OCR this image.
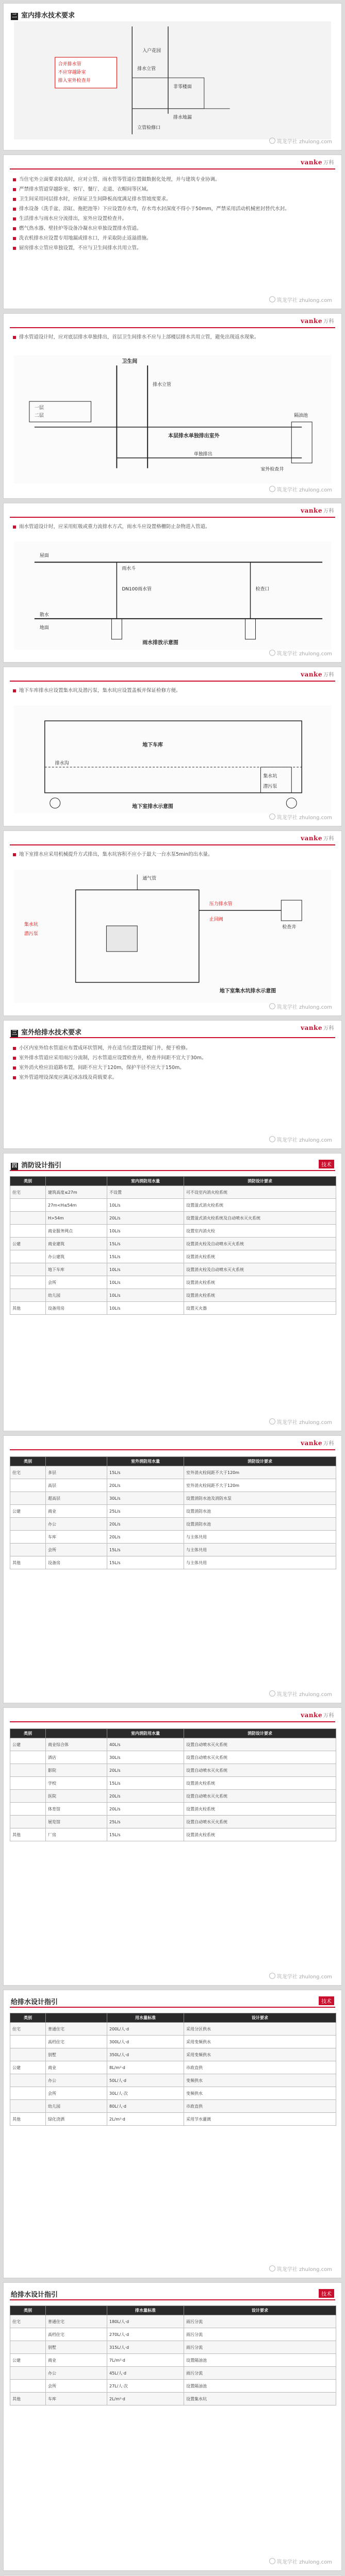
二 室内排水技术要求
入户花园
非零楼面
排水地漏
排水立管
合并排水管
不应穿越卧室
排入室外检查井
立管检修口
筑龙学社 zhulong.com
vanke 万科
当住宅外立面要求较高时，应对立管、雨水管等管道位置做数据化处理，并与建筑专业协调。
严禁排水管道穿越卧室、客厅、餐厅、走道、衣帽间等区域。
卫生间采用同层排水时，应保证卫生间降板高度满足排水管坡度要求。
排水设备（洗手盆、浴缸、拖把池等）下应设置存水弯，存水弯水封深度不得小于50mm，严禁采用活动机械密封替代水封。
生活排水与雨水应分流排出，室外应设置检查井。
燃气热水器、壁挂炉等设备冷凝水应单独设置排水管道。
洗衣机排水应设置专用地漏或排水口，并采取防止返溢措施。
厨房排水立管应单独设置，不应与卫生间排水共用立管。
筑龙学社 zhulong.com
vanke 万科
排水管道设计时，应对底层排水单独排出，首层卫生间排水不应与上部楼层排水共用立管，避免出现返水现象。
卫生间
一层
二层
本层排水单独排出室外
室外检查井
排水立管
单独排出
隔油池
筑龙学社 zhulong.com
vanke 万科
雨水管道设计时，应采用虹吸或重力流排水方式，雨水斗应设置格栅防止杂物进入管道。
屋面
雨水斗
DN100雨水管	检查口
散水
地面
雨水排放示意图
筑龙学社 zhulong.com
vanke 万科
地下车库排水应设置集水坑及潜污泵，集水坑应设置盖板并保证检修方便。
地下车库
集水坑
潜污泵
排水沟
地下室排水示意图
筑龙学社 zhulong.com
vanke 万科
地下室排水应采用机械提升方式排出，集水坑容积不应小于最大一台水泵5min的出水量。
集水坑
潜污泵
压力排水管
检查井
通气管
止回阀
地下室集水坑排水示意图
筑龙学社 zhulong.com
三 室外给排水技术要求
vanke 万科
小区内室外给水管道应布置成环状管网，并在适当位置设置阀门井，便于检修。
室外排水管道应采用雨污分流制，污水管道应设置检查井，检查井间距不宜大于30m。
室外消火栓应沿道路布置，间距不应大于120m，保护半径不应大于150m。
室外管道埋设深度应满足冰冻线及荷载要求。
筑龙学社 zhulong.com
四 消防设计指引	技术
类别		室内消防用水量	消防设计要求
住宅	建筑高度≤27m	不设置	可不设室内消火栓系统
	27m<H≤54m	10L/s	设置湿式消火栓系统
	H>54m	20L/s	设置湿式消火栓系统及自动喷水灭火系统
	商业服务网点	10L/s	设置室内消火栓
公建	商业建筑	15L/s	设置消火栓及自动喷水灭火系统
	办公建筑	15L/s	设置消火栓系统
	地下车库	10L/s	设置消火栓及自动喷水灭火系统
	会所	10L/s	设置消火栓系统
	幼儿园	10L/s	设置消火栓系统
其他	设备用房	10L/s	设置灭火器
筑龙学社 zhulong.com
vanke 万科
类别		室外消防用水量	消防设计要求
住宅	多层	15L/s	室外消火栓间距不大于120m
	高层	20L/s	室外消火栓间距不大于120m
	超高层	30L/s	设置消防水池及消防水泵
公建	商业	25L/s	设置消防水池
	办公	20L/s	设置消防水池
	车库	20L/s	与主体共用
	会所	15L/s	与主体共用
其他	设备房	15L/s	与主体共用
筑龙学社 zhulong.com
vanke 万科
类别		室内消防用水量	消防设计要求
公建	商业综合体	40L/s	设置自动喷水灭火系统
	酒店	30L/s	设置自动喷水灭火系统
	影院	20L/s	设置自动喷水灭火系统
	学校	15L/s	设置消火栓系统
	医院	20L/s	设置自动喷水灭火系统
	体育馆	20L/s	设置消火栓系统
	展览馆	25L/s	设置自动喷水灭火系统
其他	厂房	15L/s	设置消火栓系统
筑龙学社 zhulong.com
给排水设计指引	技术
类别		用水量标准	设计要求
住宅	普通住宅	200L/人·d	采用分区供水
	高档住宅	300L/人·d	采用变频供水
	别墅	350L/人·d	采用变频供水
公建	商业	8L/m²·d	市政直供
	办公	50L/人·d	变频供水
	会所	30L/人·次	变频供水
	幼儿园	80L/人·d	市政直供
其他	绿化浇洒	2L/m²·d	采用节水灌溉
筑龙学社 zhulong.com
给排水设计指引	技术
类别		排水量标准	设计要求
住宅	普通住宅	180L/人·d	雨污分流
	高档住宅	270L/人·d	雨污分流
	别墅	315L/人·d	雨污分流
公建	商业	7L/m²·d	设置隔油池
	办公	45L/人·d	雨污分流
	会所	27L/人·次	设置隔油池
其他	车库	2L/m²·d	设置集水坑
筑龙学社 zhulong.com
